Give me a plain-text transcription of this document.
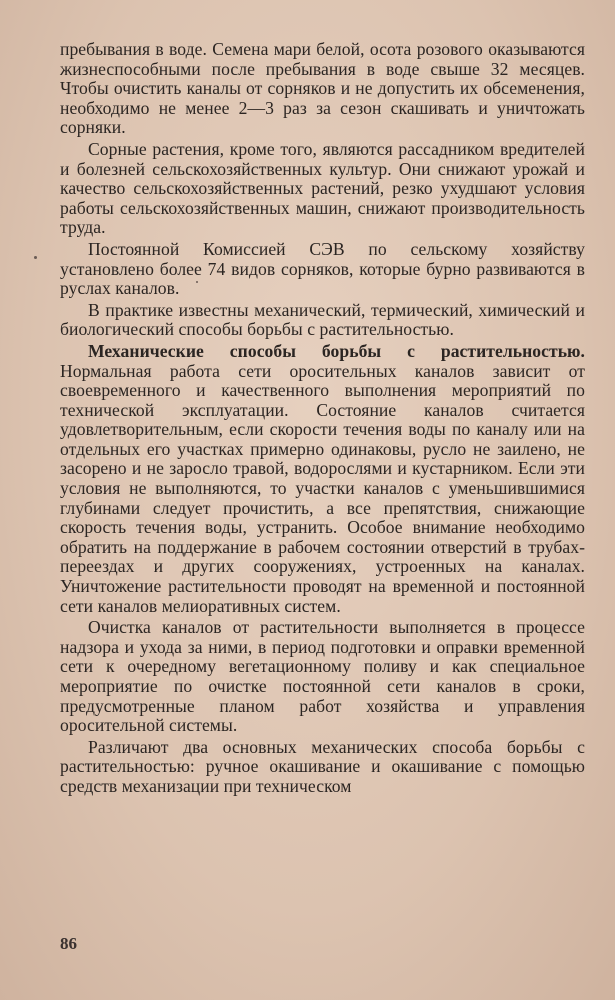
пребывания в воде. Семена мари белой, осота розового оказываются жизнеспособными после пребывания в воде свыше 32 месяцев. Чтобы очистить каналы от сорняков и не допустить их обсеменения, необходимо не менее 2—3 раз за сезон скашивать и уничтожать сорняки.

Сорные растения, кроме того, являются рассадником вредителей и болезней сельскохозяйственных культур. Они снижают урожай и качество сельскохозяйственных растений, резко ухудшают условия работы сельскохозяйственных машин, снижают производительность труда.

Постоянной Комиссией СЭВ по сельскому хозяйству установлено более 74 видов сорняков, которые бурно развиваются в руслах каналов.

В практике известны механический, термический, химический и биологический способы борьбы с растительностью.

Механические способы борьбы с растительностью. Нормальная работа сети оросительных каналов зависит от своевременного и качественного выполнения мероприятий по технической эксплуатации. Состояние каналов считается удовлетворительным, если скорости течения воды по каналу или на отдельных его участках примерно одинаковы, русло не заилено, не засорено и не заросло травой, водорослями и кустарником. Если эти условия не выполняются, то участки каналов с уменьшившимися глубинами следует прочистить, а все препятствия, снижающие скорость течения воды, устранить. Особое внимание необходимо обратить на поддержание в рабочем состоянии отверстий в трубах-переездах и других сооружениях, устроенных на каналах. Уничтожение растительности проводят на временной и постоянной сети каналов мелиоративных систем.

Очистка каналов от растительности выполняется в процессе надзора и ухода за ними, в период подготовки и оправки временной сети к очередному вегетационному поливу и как специальное мероприятие по очистке постоянной сети каналов в сроки, предусмотренные планом работ хозяйства и управления оросительной системы.

Различают два основных механических способа борьбы с растительностью: ручное окашивание и окашивание с помощью средств механизации при техническом

86
